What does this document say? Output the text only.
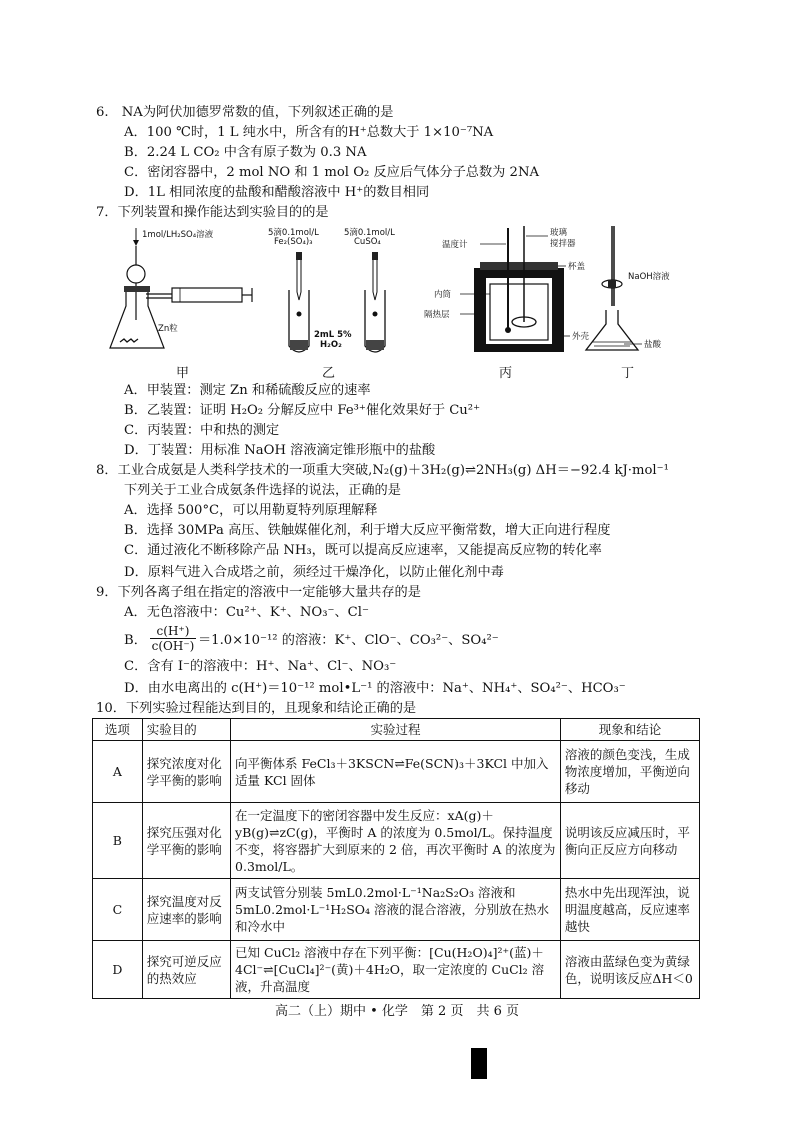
6.　NA为阿伏加德罗常数的值，下列叙述正确的是
A．100 ℃时，1 L 纯水中，所含有的H⁺总数大于 1×10⁻⁷NA
B．2.24 L CO₂ 中含有原子数为 0.3 NA
C．密闭容器中，2 mol NO 和 1 mol O₂ 反应后气体分子总数为 2NA
D．1L 相同浓度的盐酸和醋酸溶液中 H⁺的数目相同
7．下列装置和操作能达到实验目的的是
1mol/LH₂SO₄溶液
Zn粒
5滴0.1mol/L
Fe₂(SO₄)₃
5滴0.1mol/L
CuSO₄
2mL 5%
H₂O₂
温度计
玻璃
搅拌器
内筒
隔热层
杯盖
外壳
NaOH溶液
盐酸
甲	乙	丙	丁
A．甲装置：测定 Zn 和稀硫酸反应的速率
B．乙装置：证明 H₂O₂ 分解反应中 Fe³⁺催化效果好于 Cu²⁺
C．丙装置：中和热的测定
D．丁装置：用标准 NaOH 溶液滴定锥形瓶中的盐酸
8．工业合成氨是人类科学技术的一项重大突破,N₂(g)＋3H₂(g)⇌2NH₃(g) ΔH＝−92.4 kJ·mol⁻¹
下列关于工业合成氨条件选择的说法，正确的是
A．选择 500°C，可以用勒夏特列原理解释
B．选择 30MPa 高压、铁触媒催化剂，利于增大反应平衡常数，增大正向进行程度
C．通过液化不断移除产品 NH₃，既可以提高反应速率，又能提高反应物的转化率
D．原料气进入合成塔之前，须经过干燥净化，以防止催化剂中毒
9．下列各离子组在指定的溶液中一定能够大量共存的是
A．无色溶液中：Cu²⁺、K⁺、NO₃⁻、Cl⁻
B． $\frac{c(H^+)}{c(OH^-)} =1.0\times 10^{-12}$ 的溶液：K⁺、ClO⁻、CO₃²⁻、SO₄²⁻
C．含有 I⁻的溶液中：H⁺、Na⁺、Cl⁻、NO₃⁻
D．由水电离出的 c(H⁺)＝10⁻¹² mol•L⁻¹ 的溶液中：Na⁺、NH₄⁺、SO₄²⁻、HCO₃⁻
10．下列实验过程能达到目的，且现象和结论正确的是
选项	实验目的	实验过程	现象和结论
A	探究浓度对化学平衡的影响	向平衡体系 FeCl₃＋3KSCN⇌Fe(SCN)₃＋3KCl 中加入适量 KCl 固体	溶液的颜色变浅，生成物浓度增加，平衡逆向移动
B	探究压强对化学平衡的影响	在一定温度下的密闭容器中发生反应：xA(g)＋yB(g)⇌zC(g)，平衡时 A 的浓度为 0.5mol/L。保持温度不变，将容器扩大到原来的 2 倍，再次平衡时 A 的浓度为 0.3mol/L。	说明该反应减压时，平衡向正反应方向移动
C	探究温度对反应速率的影响	两支试管分别装 5mL0.2mol·L⁻¹Na₂S₂O₃ 溶液和 5mL0.2mol·L⁻¹H₂SO₄ 溶液的混合溶液，分别放在热水和冷水中	热水中先出现浑浊，说明温度越高，反应速率越快
D	探究可逆反应的热效应	已知 CuCl₂ 溶液中存在下列平衡：[Cu(H₂O)₄]²⁺(蓝)＋4Cl⁻⇌[CuCl₄]²⁻(黄)＋4H₂O，取一定浓度的 CuCl₂ 溶液，升高温度	溶液由蓝绿色变为黄绿色，说明该反应ΔH＜0
高二（上）期中 • 化学　第 2 页　共 6 页
